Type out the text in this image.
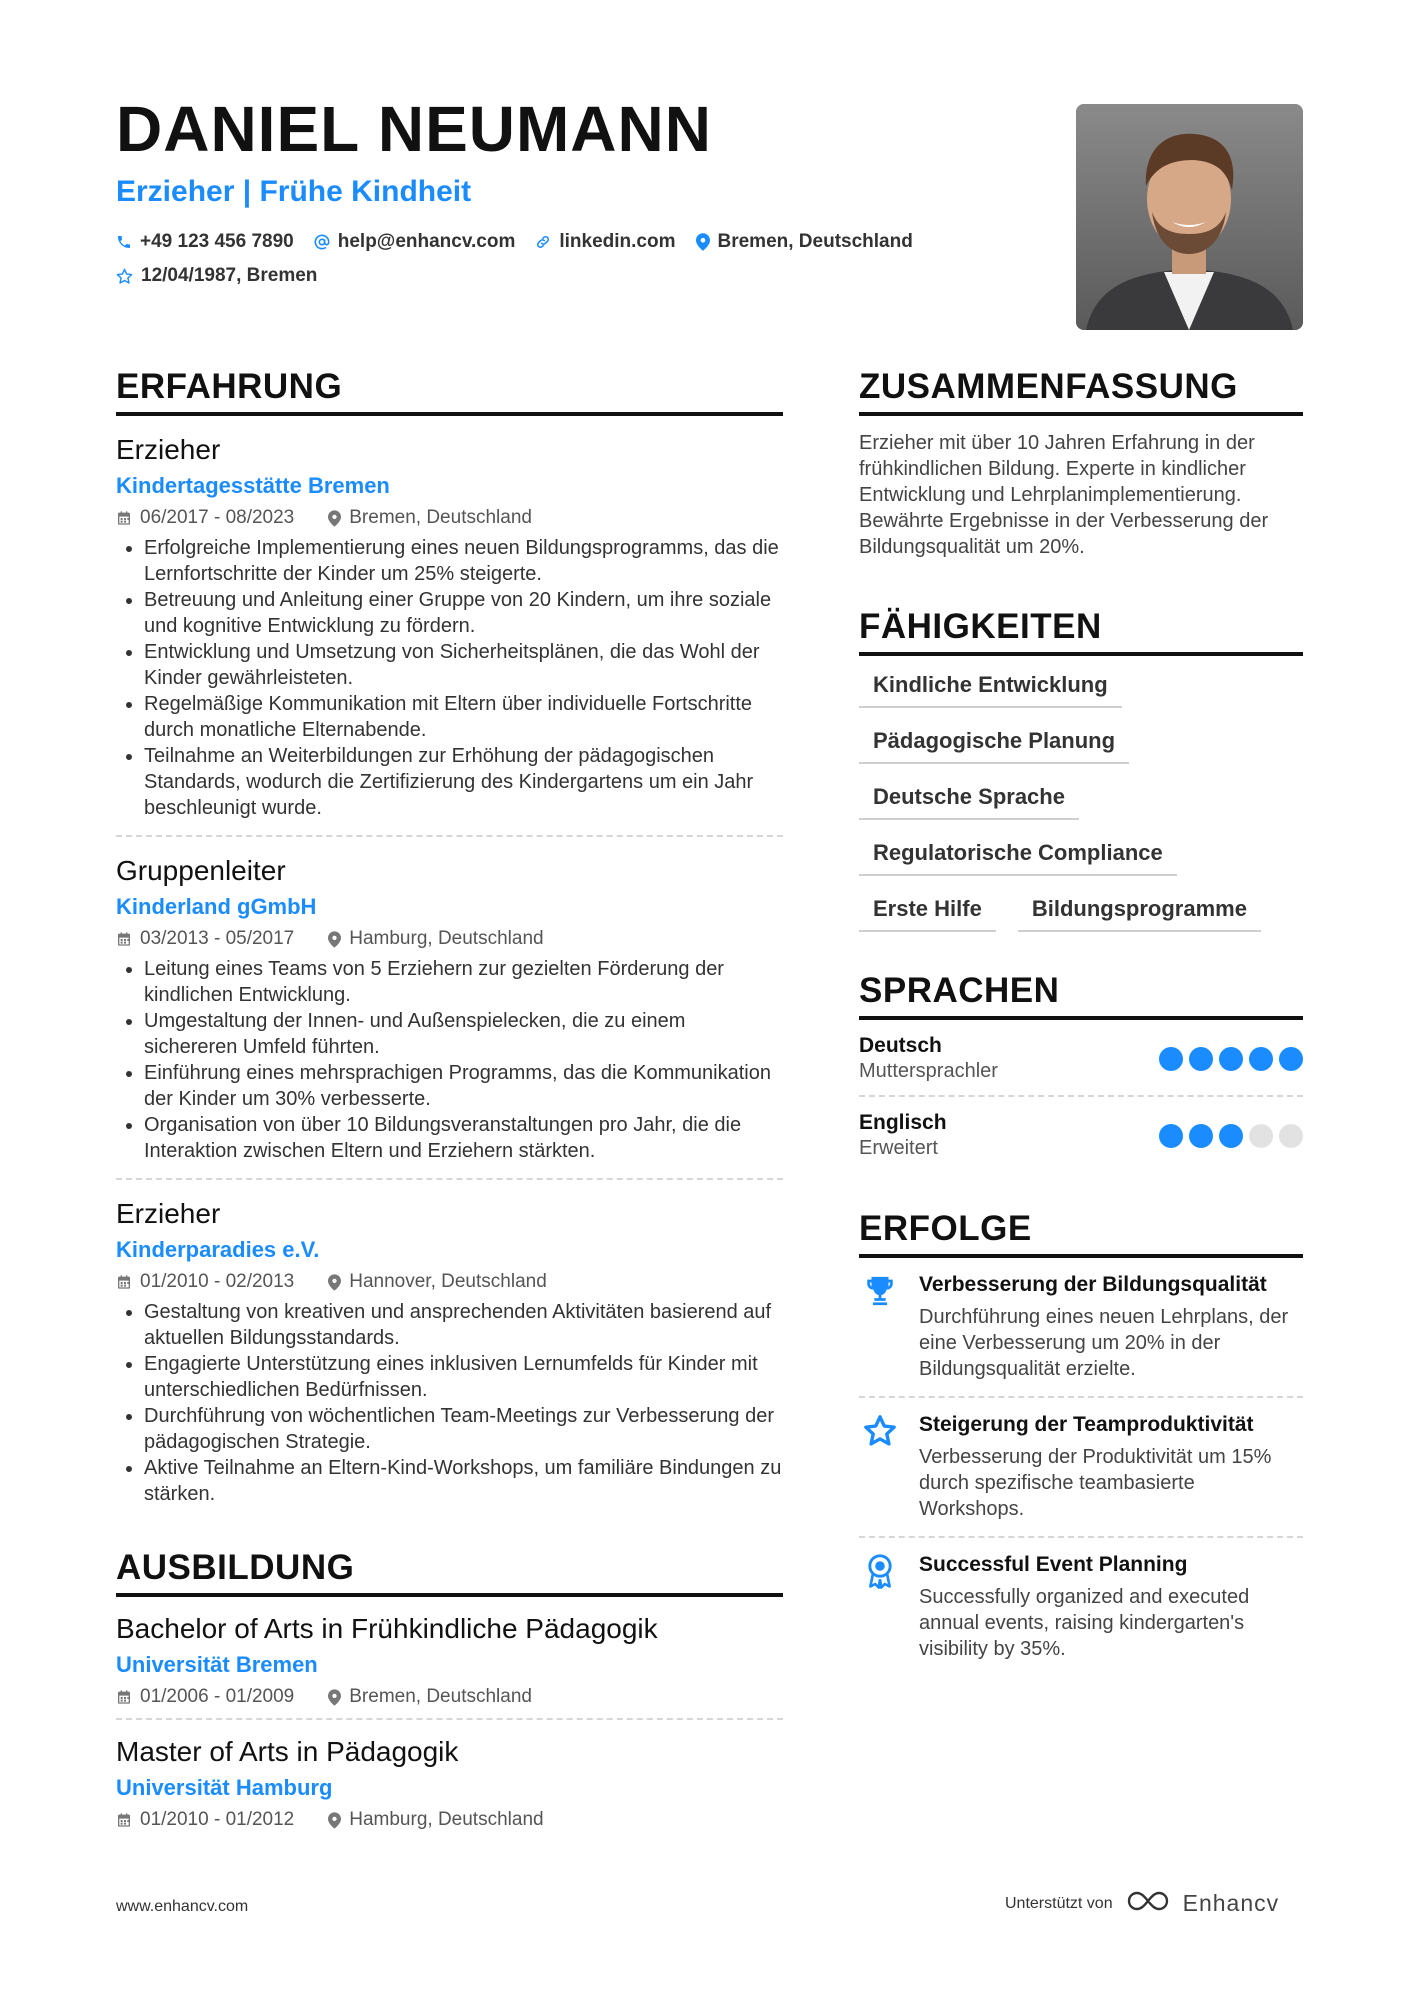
DANIEL NEUMANN
Erzieher | Frühe Kindheit
+49 123 456 7890 help@enhancv.com linkedin.com Bremen, Deutschland
12/04/1987, Bremen
ERFAHRUNG
Erzieher
Kindertagesstätte Bremen
06/2017 - 08/2023	Bremen, Deutschland
• Erfolgreiche Implementierung eines neuen Bildungsprogramms, das die Lernfortschritte der Kinder um 25% steigerte.
• Betreuung und Anleitung einer Gruppe von 20 Kindern, um ihre soziale und kognitive Entwicklung zu fördern.
• Entwicklung und Umsetzung von Sicherheitsplänen, die das Wohl der Kinder gewährleisteten.
• Regelmäßige Kommunikation mit Eltern über individuelle Fortschritte durch monatliche Elternabende.
• Teilnahme an Weiterbildungen zur Erhöhung der pädagogischen Standards, wodurch die Zertifizierung des Kindergartens um ein Jahr beschleunigt wurde.
Gruppenleiter
Kinderland gGmbH
03/2013 - 05/2017	Hamburg, Deutschland
• Leitung eines Teams von 5 Erziehern zur gezielten Förderung der kindlichen Entwicklung.
• Umgestaltung der Innen- und Außenspielecken, die zu einem sichereren Umfeld führten.
• Einführung eines mehrsprachigen Programms, das die Kommunikation der Kinder um 30% verbesserte.
• Organisation von über 10 Bildungsveranstaltungen pro Jahr, die die Interaktion zwischen Eltern und Erziehern stärkten.
Erzieher
Kinderparadies e.V.
01/2010 - 02/2013	Hannover, Deutschland
• Gestaltung von kreativen und ansprechenden Aktivitäten basierend auf aktuellen Bildungsstandards.
• Engagierte Unterstützung eines inklusiven Lernumfelds für Kinder mit unterschiedlichen Bedürfnissen.
• Durchführung von wöchentlichen Team-Meetings zur Verbesserung der pädagogischen Strategie.
• Aktive Teilnahme an Eltern-Kind-Workshops, um familiäre Bindungen zu stärken.
AUSBILDUNG
Bachelor of Arts in Frühkindliche Pädagogik
Universität Bremen
01/2006 - 01/2009	Bremen, Deutschland
Master of Arts in Pädagogik
Universität Hamburg
01/2010 - 01/2012	Hamburg, Deutschland
ZUSAMMENFASSUNG
Erzieher mit über 10 Jahren Erfahrung in der frühkindlichen Bildung. Experte in kindlicher Entwicklung und Lehrplanimplementierung. Bewährte Ergebnisse in der Verbesserung der Bildungsqualität um 20%.
FÄHIGKEITEN
Kindliche Entwicklung
Pädagogische Planung
Deutsche Sprache
Regulatorische Compliance
Erste Hilfe	Bildungsprogramme
SPRACHEN
Deutsch
Muttersprachler
Englisch
Erweitert
ERFOLGE
Verbesserung der Bildungsqualität
Durchführung eines neuen Lehrplans, der eine Verbesserung um 20% in der Bildungsqualität erzielte.
Steigerung der Teamproduktivität
Verbesserung der Produktivität um 15% durch spezifische teambasierte Workshops.
Successful Event Planning
Successfully organized and executed annual events, raising kindergarten's visibility by 35%.
www.enhancv.com	Unterstützt von	Enhancv
